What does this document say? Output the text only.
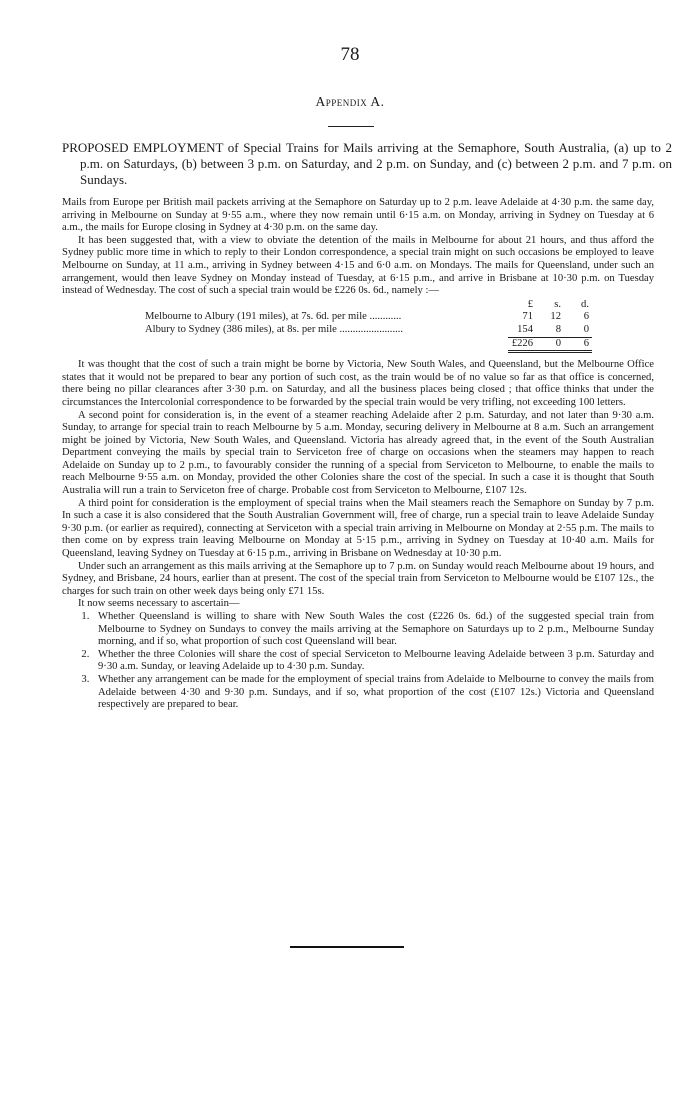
78
Appendix A.
PROPOSED EMPLOYMENT of Special Trains for Mails arriving at the Semaphore, South Australia, (a) up to 2 p.m. on Saturdays, (b) between 3 p.m. on Saturday, and 2 p.m. on Sunday, and (c) between 2 p.m. and 7 p.m. on Sundays.

Mails from Europe per British mail packets arriving at the Semaphore on Saturday up to 2 p.m. leave Adelaide at 4·30 p.m. the same day, arriving in Melbourne on Sunday at 9·55 a.m., where they now remain until 6·15 a.m. on Monday, arriving in Sydney on Tuesday at 6 a.m., the mails for Europe closing in Sydney at 4·30 p.m. on the same day.

It has been suggested that, with a view to obviate the detention of the mails in Melbourne for about 21 hours, and thus afford the Sydney public more time in which to reply to their London correspondence, a special train might on such occasions be employed to leave Melbourne on Sunday, at 11 a.m., arriving in Sydney between 4·15 and 6·0 a.m. on Mondays. The mails for Queensland, under such an arrangement, would then leave Sydney on Monday instead of Tuesday, at 6·15 p.m., and arrive in Brisbane at 10·30 p.m. on Tuesday instead of Wednesday. The cost of such a special train would be £226 0s. 6d., namely :—

	£	s.	d.
Melbourne to Albury (191 miles), at 7s. 6d. per mile ............	71	12	6
Albury to Sydney (386 miles), at 8s. per mile ........................	154	8	0
	£226	0	6

It was thought that the cost of such a train might be borne by Victoria, New South Wales, and Queensland, but the Melbourne Office states that it would not be prepared to bear any portion of such cost, as the train would be of no value so far as that office is concerned, there being no pillar clearances after 3·30 p.m. on Saturday, and all the business places being closed ; that office thinks that under the circumstances the Intercolonial correspondence to be forwarded by the special train would be very trifling, not exceeding 100 letters.

A second point for consideration is, in the event of a steamer reaching Adelaide after 2 p.m. Saturday, and not later than 9·30 a.m. Sunday, to arrange for special train to reach Melbourne by 5 a.m. Monday, securing delivery in Melbourne at 8 a.m. Such an arrangement might be joined by Victoria, New South Wales, and Queensland. Victoria has already agreed that, in the event of the South Australian Department conveying the mails by special train to Serviceton free of charge on occasions when the steamers may happen to reach Adelaide on Sunday up to 2 p.m., to favourably consider the running of a special from Serviceton to Melbourne, to enable the mails to reach Melbourne 9·55 a.m. on Monday, provided the other Colonies share the cost of the special. In such a case it is thought that South Australia will run a train to Serviceton free of charge. Probable cost from Serviceton to Melbourne, £107 12s.

A third point for consideration is the employment of special trains when the Mail steamers reach the Semaphore on Sunday by 7 p.m. In such a case it is also considered that the South Australian Government will, free of charge, run a special train to leave Adelaide Sunday 9·30 p.m. (or earlier as required), connecting at Serviceton with a special train arriving in Melbourne on Monday at 2·55 p.m. The mails to then come on by express train leaving Melbourne on Monday at 5·15 p.m., arriving in Sydney on Tuesday at 10·40 a.m. Mails for Queensland, leaving Sydney on Tuesday at 6·15 p.m., arriving in Brisbane on Wednesday at 10·30 p.m.

Under such an arrangement as this mails arriving at the Semaphore up to 7 p.m. on Sunday would reach Melbourne about 19 hours, and Sydney, and Brisbane, 24 hours, earlier than at present. The cost of the special train from Serviceton to Melbourne would be £107 12s., the charges for such train on other week days being only £71 15s.

It now seems necessary to ascertain—

1. Whether Queensland is willing to share with New South Wales the cost (£226 0s. 6d.) of the suggested special train from Melbourne to Sydney on Sundays to convey the mails arriving at the Semaphore on Saturdays up to 2 p.m., Melbourne Sunday morning, and if so, what proportion of such cost Queensland will bear.
2. Whether the three Colonies will share the cost of special Serviceton to Melbourne leaving Adelaide between 3 p.m. Saturday and 9·30 a.m. Sunday, or leaving Adelaide up to 4·30 p.m. Sunday.
3. Whether any arrangement can be made for the employment of special trains from Adelaide to Melbourne to convey the mails from Adelaide between 4·30 and 9·30 p.m. Sundays, and if so, what proportion of the cost (£107 12s.) Victoria and Queensland respectively are prepared to bear.
